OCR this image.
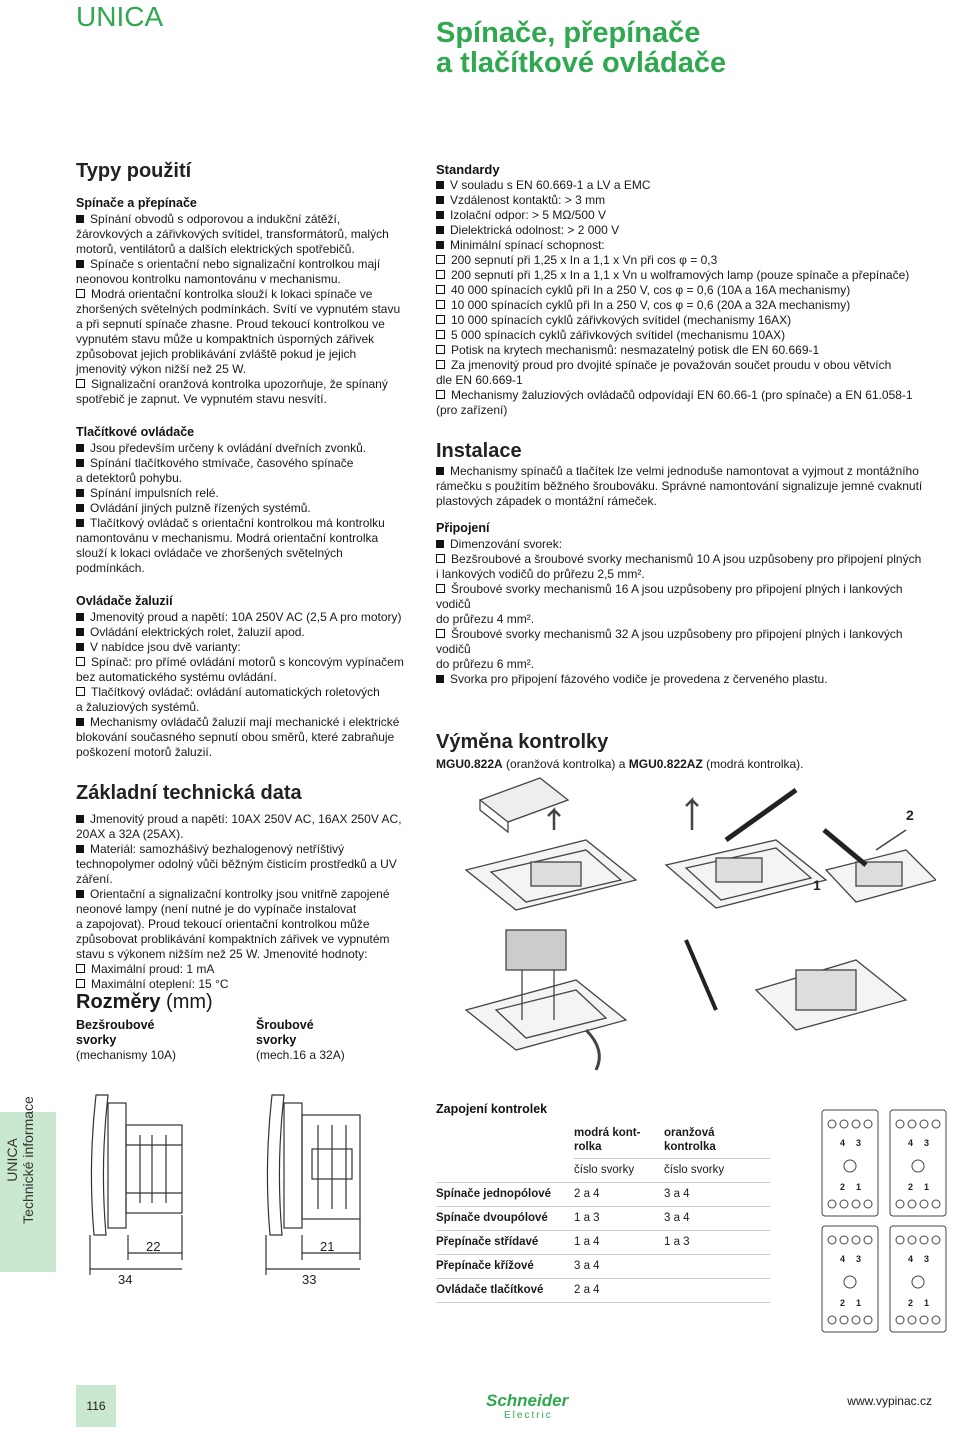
UNICA
Spínače, přepínače
a tlačítkové ovládače
Typy použití
Spínače a přepínače
Spínání obvodů s odporovou a indukční zátěží,
žárovkových a zářivkových svítidel, transformátorů, malých
motorů, ventilátorů a dalších elektrických spotřebičů.
Spínače s orientační nebo signalizační kontrolkou mají
neonovou kontrolku namontovánu v mechanismu.
Modrá orientační kontrolka slouží k lokaci spínače ve
zhoršených světelných podmínkách. Svítí ve vypnutém stavu
a při sepnutí spínače zhasne. Proud tekoucí kontrolkou ve
vypnutém stavu může u kompaktních úsporných zářivek
způsobovat jejich problikávání zvláště pokud je jejich
jmenovitý výkon nižší než 25 W.
Signalizační oranžová kontrolka upozorňuje, že spínaný
spotřebič je zapnut. Ve vypnutém stavu nesvítí.
Tlačítkové ovládače
Jsou především určeny k ovládání dveřních zvonků.
Spínání tlačítkového stmívače, časového spínače
a detektorů pohybu.
Spínání impulsních relé.
Ovládání jiných pulzně řízených systémů.
Tlačítkový ovládač s orientační kontrolkou má kontrolku
namontovánu v mechanismu. Modrá orientační kontrolka
slouží k lokaci ovládače ve zhoršených světelných
podmínkách.
Ovládače žaluzií
Jmenovitý proud a napětí: 10A 250V AC (2,5 A pro motory)
Ovládání elektrických rolet, žaluzií apod.
V nabídce jsou dvě varianty:
Spínač: pro přímé ovládání motorů s koncovým vypínačem
bez automatického systému ovládání.
Tlačítkový ovládač: ovládání automatických roletových
a žaluziových systémů.
Mechanismy ovládačů žaluzií mají mechanické i elektrické
blokování současného sepnutí obou směrů, které zabraňuje
poškození motorů žaluzií.
Základní technická data
Jmenovitý proud a napětí: 10AX 250V AC, 16AX 250V AC,
20AX a 32A (25AX).
Materiál: samozhášivý bezhalogenový netříštivý
technopolymer odolný vůči běžným čisticím prostředků a UV
záření.
Orientační a signalizační kontrolky jsou vnitřně zapojené
neonové lampy (není nutné je do vypínače instalovat
a zapojovat). Proud tekoucí orientační kontrolkou může
způsobovat problikávání kompaktních zářivek ve vypnutém
stavu s výkonem nižším než 25 W. Jmenovité hodnoty:
Maximální proud: 1 mA
Maximální oteplení: 15 °C
Rozměry (mm)
Bezšroubové
svorky
(mechanismy 10A)
Šroubové
svorky
(mech.16 a 32A)
22
34
21
33
Standardy
V souladu s EN 60.669-1 a LV a EMC
Vzdálenost kontaktů: > 3 mm
Izolační odpor: > 5 MΩ/500 V
Dielektrická odolnost: > 2 000 V
Minimální spínací schopnost:
200 sepnutí při 1,25 x In a 1,1 x Vn při cos φ = 0,3
200 sepnutí při 1,25 x In a 1,1 x Vn u wolframových lamp (pouze spínače a přepínače)
40 000 spínacích cyklů při In a 250 V, cos φ = 0,6 (10A a 16A mechanismy)
10 000 spínacích cyklů při In a 250 V, cos φ = 0,6 (20A a 32A mechanismy)
10 000 spínacích cyklů zářivkových svítidel (mechanismy 16AX)
5 000 spínacích cyklů zářivkových svítidel (mechanismu 10AX)
Potisk na krytech mechanismů: nesmazatelný potisk dle EN 60.669-1
Za jmenovitý proud pro dvojité spínače je považován součet proudu v obou větvích
dle EN 60.669-1
Mechanismy žaluziových ovládačů odpovídají EN 60.66-1 (pro spínače) a EN 61.058-1
(pro zařízení)
Instalace
Mechanismy spínačů a tlačítek lze velmi jednoduše namontovat a vyjmout z montážního
rámečku s použitím běžného šroubováku. Správné namontování signalizuje jemné cvaknutí
plastových západek o montážní rámeček.
Připojení
Dimenzování svorek:
Bezšroubové a šroubové svorky mechanismů 10 A jsou uzpůsobeny pro připojení plných
i lankových vodičů do průřezu 2,5 mm².
Šroubové svorky mechanismů 16 A jsou uzpůsobeny pro připojení plných i lankových vodičů
do průřezu 4 mm².
Šroubové svorky mechanismů 32 A jsou uzpůsobeny pro připojení plných i lankových vodičů
do průřezu 6 mm².
Svorka pro připojení fázového vodiče je provedena z červeného plastu.
Výměna kontrolky
MGU0.822A (oranžová kontrolka) a MGU0.822AZ (modrá kontrolka).
2
1
Zapojení kontrolek
	modrá kont-
rolka	oranžová
kontrolka
	číslo svorky	číslo svorky
Spínače jednopólové	2 a 4	3 a 4
Spínače dvoupólové	1 a 3	3 a 4
Přepínače střídavé	1 a 4	1 a 3
Přepínače křížové	3 a 4	
Ovládače tlačítkové	2 a 4	
4 3	4 3
2 1	2 1
4 3	4 3
2 1	2 1
UNICA Technické informace
116	Schneider
Electric
www.vypinac.cz
